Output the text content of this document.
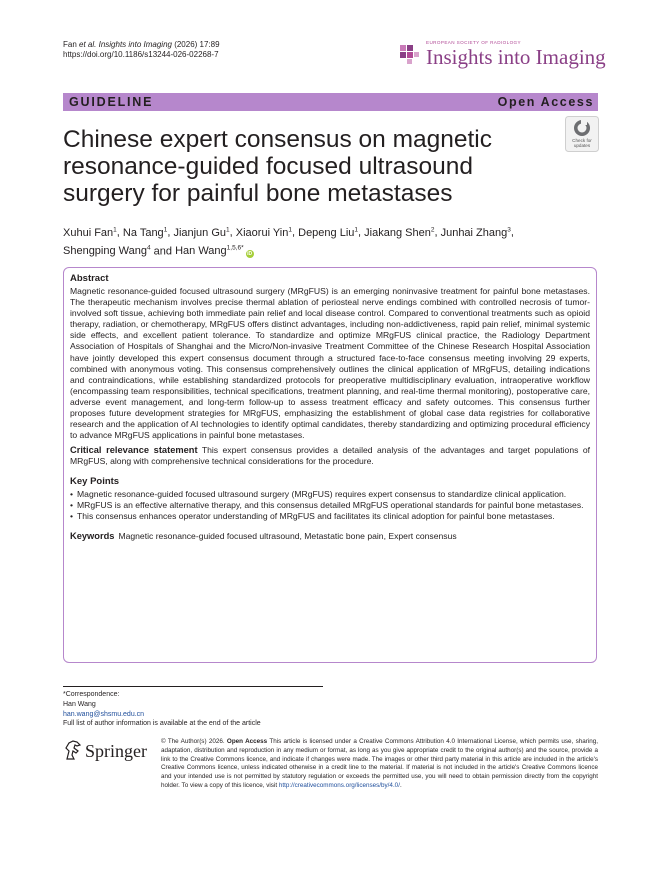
Fan et al. Insights into Imaging (2026) 17:89
https://doi.org/10.1186/s13244-026-02268-7
EUROPEAN SOCIETY OF RADIOLOGY
Insights into Imaging
GUIDELINE	Open Access
Chinese expert consensus on magnetic resonance-guided focused ultrasound surgery for painful bone metastases
Check for
updates
Xuhui Fan$^1$, Na Tang$^1$, Jianjun Gu$^1$, Xiaorui Yin$^1$, Depeng Liu$^1$, Jiakang Shen$^2$, Junhai Zhang$^3$,
Shengping Wang$^4$ and Han Wang$^{1,5,6*}$iD
Abstract

Magnetic resonance-guided focused ultrasound surgery (MRgFUS) is an emerging noninvasive treatment for painful bone metastases. The therapeutic mechanism involves precise thermal ablation of periosteal nerve endings combined with controlled necrosis of tumor-involved soft tissue, achieving both immediate pain relief and local disease control. Compared to conventional treatments such as opioid therapy, radiation, or chemotherapy, MRgFUS offers distinct advantages, including non-addictiveness, rapid pain relief, minimal systemic side effects, and excellent patient tolerance. To standardize and optimize MRgFUS clinical practice, the Radiology Department Association of Hospitals of Shanghai and the Micro/Non-invasive Treatment Committee of the Chinese Research Hospital Association have jointly developed this expert consensus document through a structured face-to-face consensus meeting involving 29 experts, combined with anonymous voting. This consensus comprehensively outlines the clinical application of MRgFUS, detailing indications and contraindications, while establishing standardized protocols for preoperative multidisciplinary evaluation, intraoperative workflow (encompassing team responsibilities, technical specifications, treatment planning, and real-time thermal monitoring), postoperative care, adverse event management, and long-term follow-up to assess treatment efficacy and safety outcomes. This consensus further proposes future development strategies for MRgFUS, emphasizing the establishment of global case data registries for collaborative research and the application of AI technologies to identify optimal candidates, thereby standardizing and optimizing procedural efficiency to advance MRgFUS applications in painful bone metastases.

Critical relevance statement This expert consensus provides a detailed analysis of the advantages and target populations of MRgFUS, along with comprehensive technical considerations for the procedure.

Key Points
• Magnetic resonance-guided focused ultrasound surgery (MRgFUS) requires expert consensus to standardize clinical application.
• MRgFUS is an effective alternative therapy, and this consensus detailed MRgFUS operational standards for painful bone metastases.
• This consensus enhances operator understanding of MRgFUS and facilitates its clinical adoption for painful bone metastases.

Keywords Magnetic resonance-guided focused ultrasound, Metastatic bone pain, Expert consensus

*Correspondence:
Han Wang
han.wang@shsmu.edu.cn
Full list of author information is available at the end of the article
Springer © The Author(s) 2026. Open Access This article is licensed under a Creative Commons Attribution 4.0 International License, which permits use, sharing, adaptation, distribution and reproduction in any medium or format, as long as you give appropriate credit to the original author(s) and the source, provide a link to the Creative Commons licence, and indicate if changes were made. The images or other third party material in this article are included in the article's Creative Commons licence, unless indicated otherwise in a credit line to the material. If material is not included in the article's Creative Commons licence and your intended use is not permitted by statutory regulation or exceeds the permitted use, you will need to obtain permission directly from the copyright holder. To view a copy of this licence, visit http://creativecommons.org/licenses/by/4.0/.
